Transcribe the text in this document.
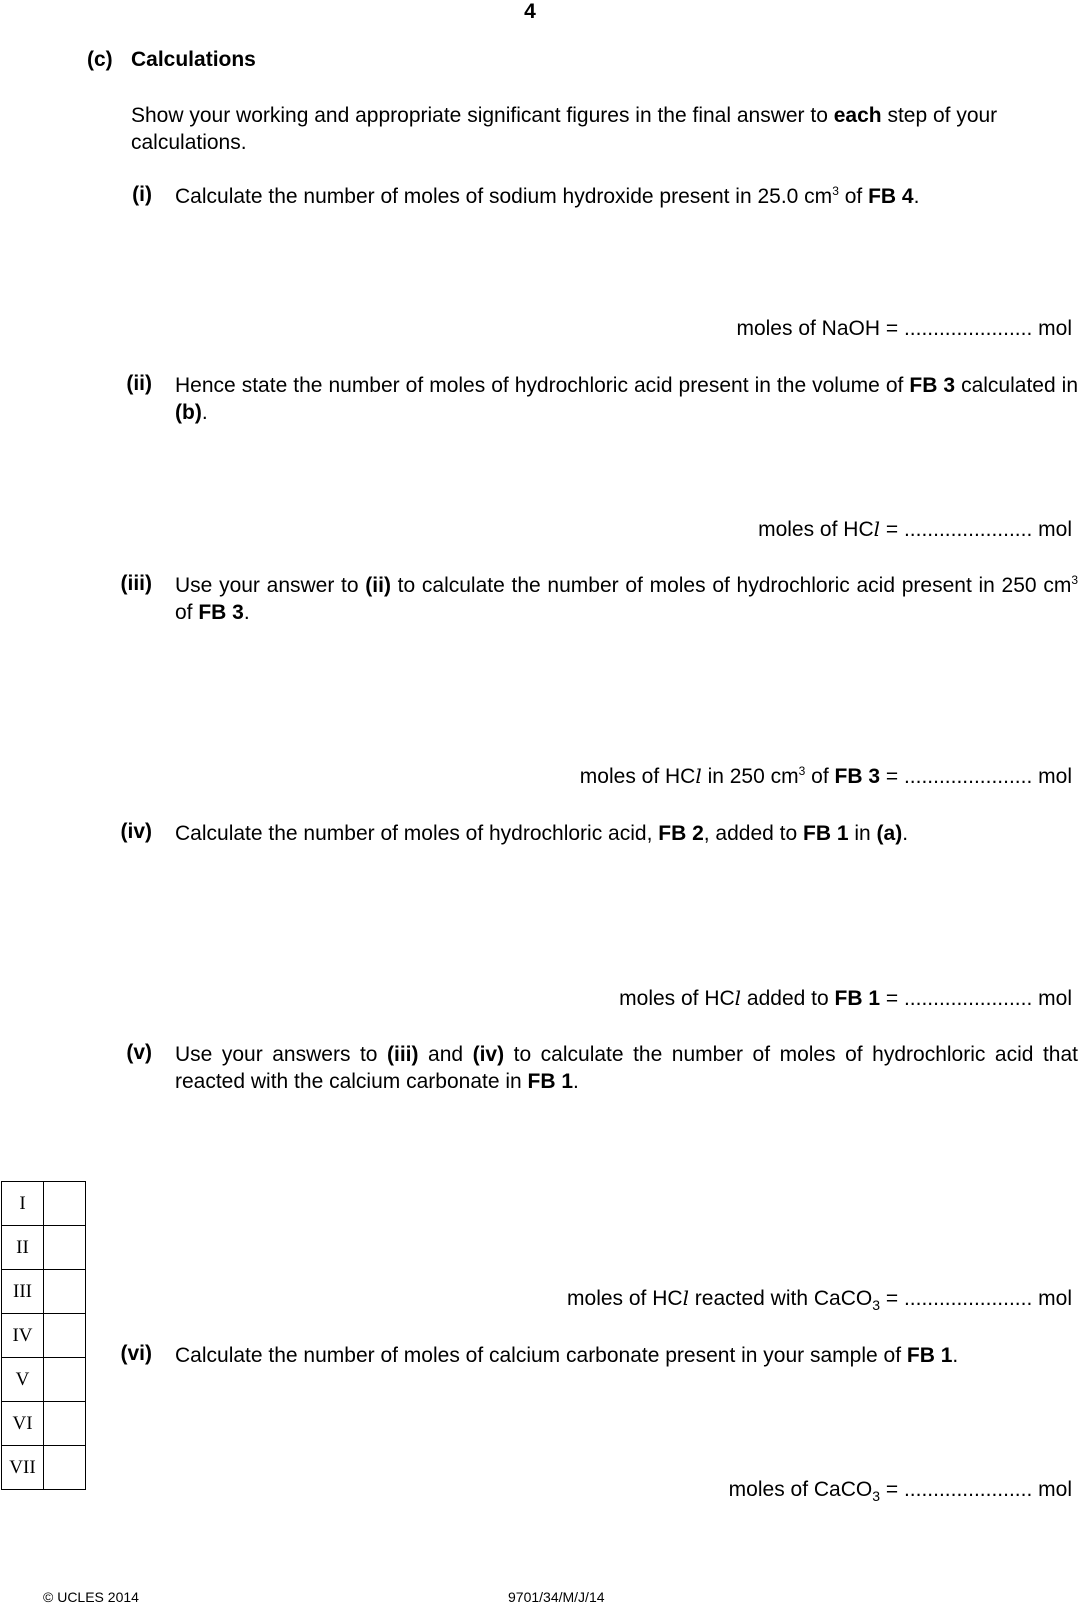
4
(c) Calculations
Show your working and appropriate significant figures in the final answer to each step of your calculations.
(i) Calculate the number of moles of sodium hydroxide present in 25.0 $cm^3$ of FB 4.
moles of NaOH = ...................... mol
(ii) Hence state the number of moles of hydrochloric acid present in the volume of FB 3 calculated in (b).
moles of HCl = ...................... mol
(iii) Use your answer to (ii) to calculate the number of moles of hydrochloric acid present in 250 $cm^3$ of FB 3.
moles of HCl in 250 $cm^3$ of FB 3 = ...................... mol
(iv) Calculate the number of moles of hydrochloric acid, FB 2, added to FB 1 in (a).
moles of HCl added to FB 1 = ...................... mol
(v) Use your answers to (iii) and (iv) to calculate the number of moles of hydrochloric acid that reacted with the calcium carbonate in FB 1.
moles of HCl reacted with CaCO$_3$ = ...................... mol
(vi) Calculate the number of moles of calcium carbonate present in your sample of FB 1.
moles of CaCO$_3$ = ...................... mol
I	
II	
III	
IV	
V	
VI	
VII	
© UCLES 2014	9701/34/M/J/14
